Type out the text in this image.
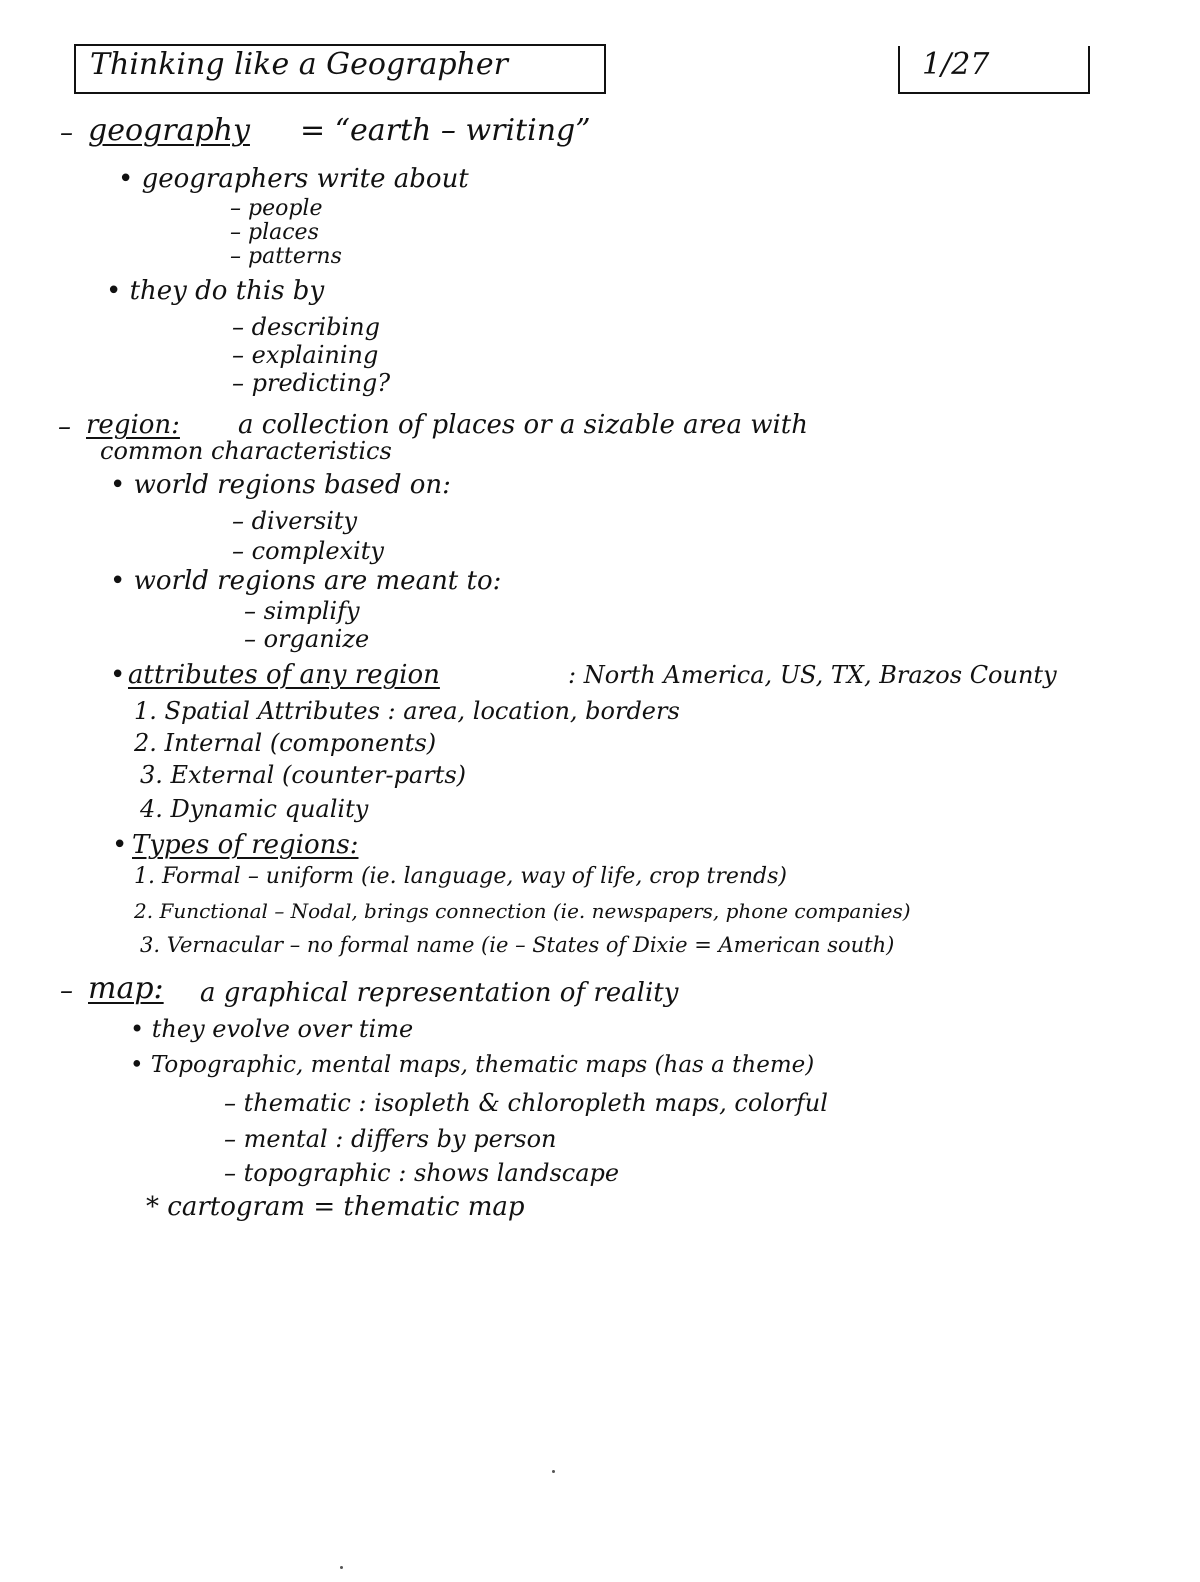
Thinking like a Geographer	1/27
– geography = “earth – writing”
• geographers write about
– people
– places
– patterns
• they do this by
– describing
– explaining
– predicting?
– region: a collection of places or a sizable area with
common characteristics
• world regions based on:
– diversity
– complexity
• world regions are meant to:
– simplify
– organize
• attributes of any region	: North America, US, TX, Brazos County
1. Spatial Attributes : area, location, borders
2. Internal (components)
3. External (counter-parts)
4. Dynamic quality
• Types of regions:
1. Formal – uniform (ie. language, way of life, crop trends)
2. Functional – Nodal, brings connection (ie. newspapers, phone companies)
3. Vernacular – no formal name (ie – States of Dixie = American south)
– map: a graphical representation of reality
• they evolve over time
• Topographic, mental maps, thematic maps (has a theme)
– thematic : isopleth & chloropleth maps, colorful
– mental : differs by person
– topographic : shows landscape
* cartogram = thematic map
